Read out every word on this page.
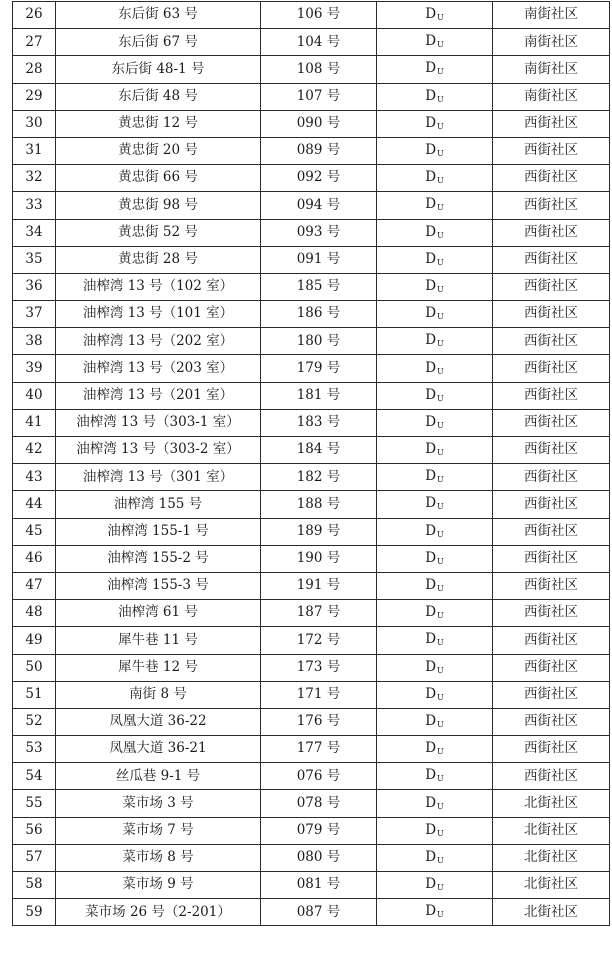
26	东后街 63 号	106 号	DU	南街社区
27	东后街 67 号	104 号	DU	南街社区
28	东后街 48-1 号	108 号	DU	南街社区
29	东后街 48 号	107 号	DU	南街社区
30	黄忠街 12 号	090 号	DU	西街社区
31	黄忠街 20 号	089 号	DU	西街社区
32	黄忠街 66 号	092 号	DU	西街社区
33	黄忠街 98 号	094 号	DU	西街社区
34	黄忠街 52 号	093 号	DU	西街社区
35	黄忠街 28 号	091 号	DU	西街社区
36	油榨湾 13 号（102 室）	185 号	DU	西街社区
37	油榨湾 13 号（101 室）	186 号	DU	西街社区
38	油榨湾 13 号（202 室）	180 号	DU	西街社区
39	油榨湾 13 号（203 室）	179 号	DU	西街社区
40	油榨湾 13 号（201 室）	181 号	DU	西街社区
41	油榨湾 13 号（303-1 室）	183 号	DU	西街社区
42	油榨湾 13 号（303-2 室）	184 号	DU	西街社区
43	油榨湾 13 号（301 室）	182 号	DU	西街社区
44	油榨湾 155 号	188 号	DU	西街社区
45	油榨湾 155-1 号	189 号	DU	西街社区
46	油榨湾 155-2 号	190 号	DU	西街社区
47	油榨湾 155-3 号	191 号	DU	西街社区
48	油榨湾 61 号	187 号	DU	西街社区
49	犀牛巷 11 号	172 号	DU	西街社区
50	犀牛巷 12 号	173 号	DU	西街社区
51	南街 8 号	171 号	DU	西街社区
52	凤凰大道 36-22	176 号	DU	西街社区
53	凤凰大道 36-21	177 号	DU	西街社区
54	丝瓜巷 9-1 号	076 号	DU	西街社区
55	菜市场 3 号	078 号	DU	北街社区
56	菜市场 7 号	079 号	DU	北街社区
57	菜市场 8 号	080 号	DU	北街社区
58	菜市场 9 号	081 号	DU	北街社区
59	菜市场 26 号（2-201）	087 号	DU	北街社区
